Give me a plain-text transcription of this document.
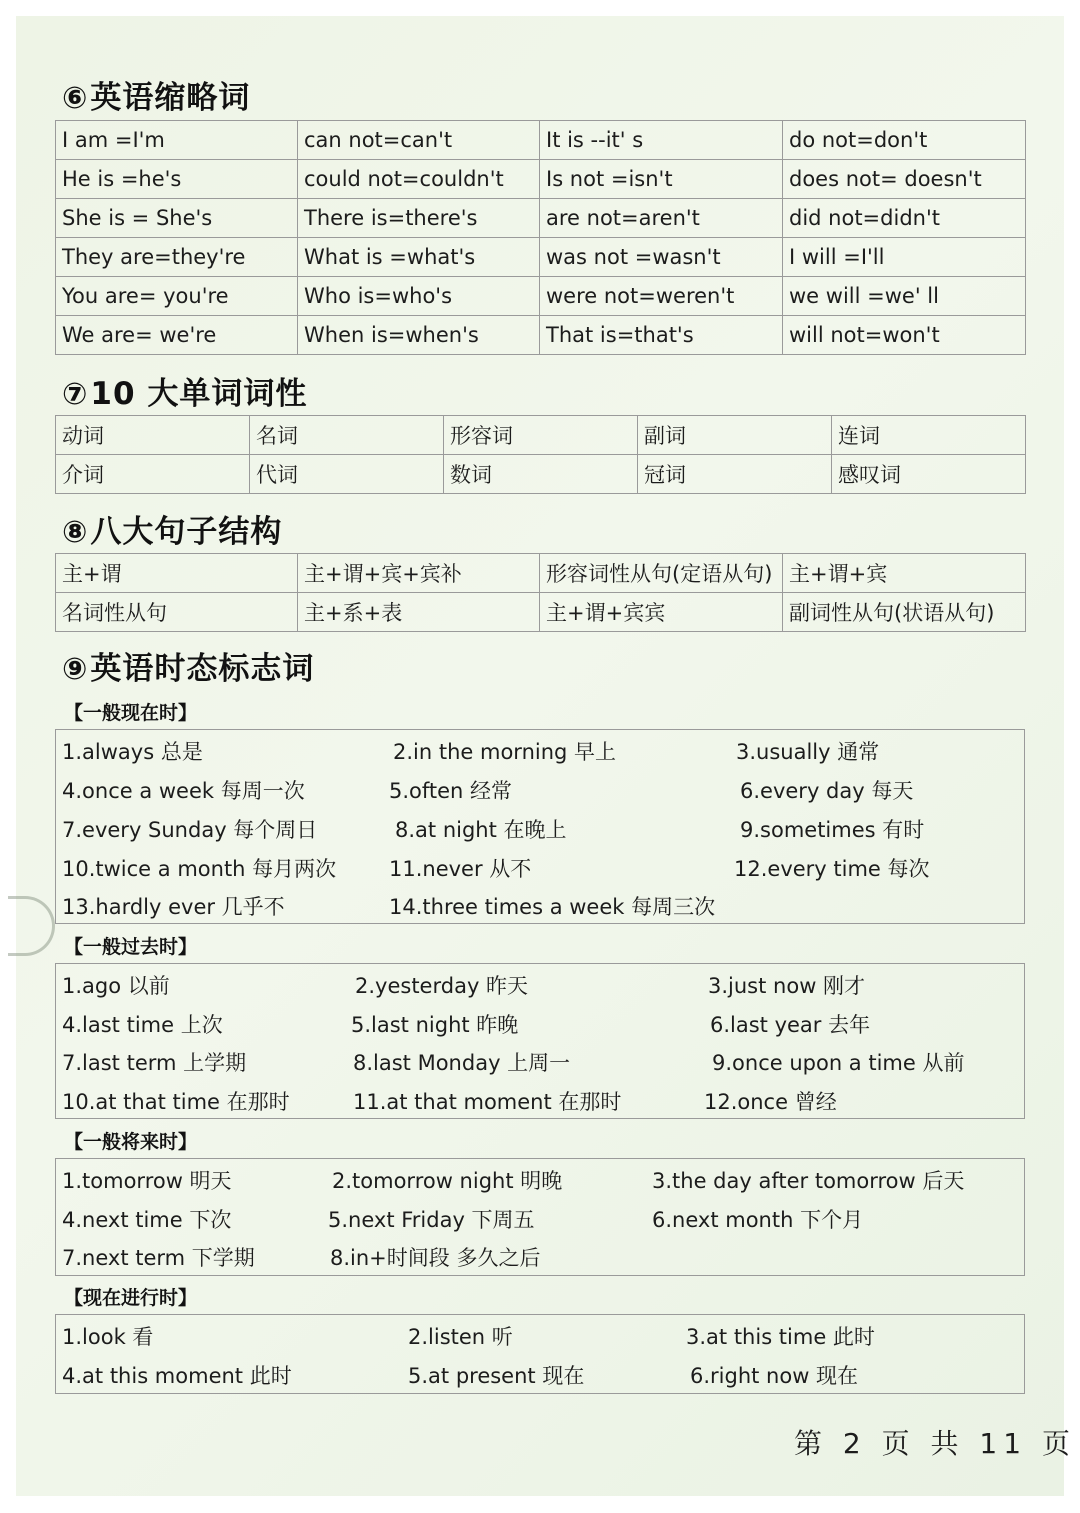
⑥英语缩略词
I am =I'm	can not=can't	It is --it' s	do not=don't
He is =he's	could not=couldn't	Is not =isn't	does not= doesn't
She is = She's	There is=there's	are not=aren't	did not=didn't
They are=they're	What is =what's	was not =wasn't	I will =I'll
You are= you're	Who is=who's	were not=weren't	we will =we' ll
We are= we're	When is=when's	That is=that's	will not=won't
⑦10 大单词词性
动词	名词	形容词	副词	连词
介词	代词	数词	冠词	感叹词
⑧八大句子结构
主+谓	主+谓+宾+宾补	形容词性从句(定语从句)	主+谓+宾
名词性从句	主+系+表	主+谓+宾宾	副词性从句(状语从句)
⑨英语时态标志词
【一般现在时】
1.always 总是	2.in the morning 早上	3.usually 通常
4.once a week 每周一次	5.often 经常	6.every day 每天
7.every Sunday 每个周日	8.at night 在晚上	9.sometimes 有时
10.twice a month 每月两次	11.never 从不	12.every time 每次
13.hardly ever 几乎不	14.three times a week 每周三次
【一般过去时】
1.ago 以前	2.yesterday 昨天	3.just now 刚才
4.last time 上次	5.last night 昨晚	6.last year 去年
7.last term 上学期	8.last Monday 上周一	9.once upon a time 从前
10.at that time 在那时	11.at that moment 在那时	12.once 曾经
【一般将来时】
1.tomorrow 明天	2.tomorrow night 明晚	3.the day after tomorrow 后天
4.next time 下次	5.next Friday 下周五	6.next month 下个月
7.next term 下学期	8.in+时间段 多久之后
【现在进行时】
1.look 看	2.listen 听	3.at this time 此时
4.at this moment 此时	5.at present 现在	6.right now 现在
第 2 页 共 11 页
